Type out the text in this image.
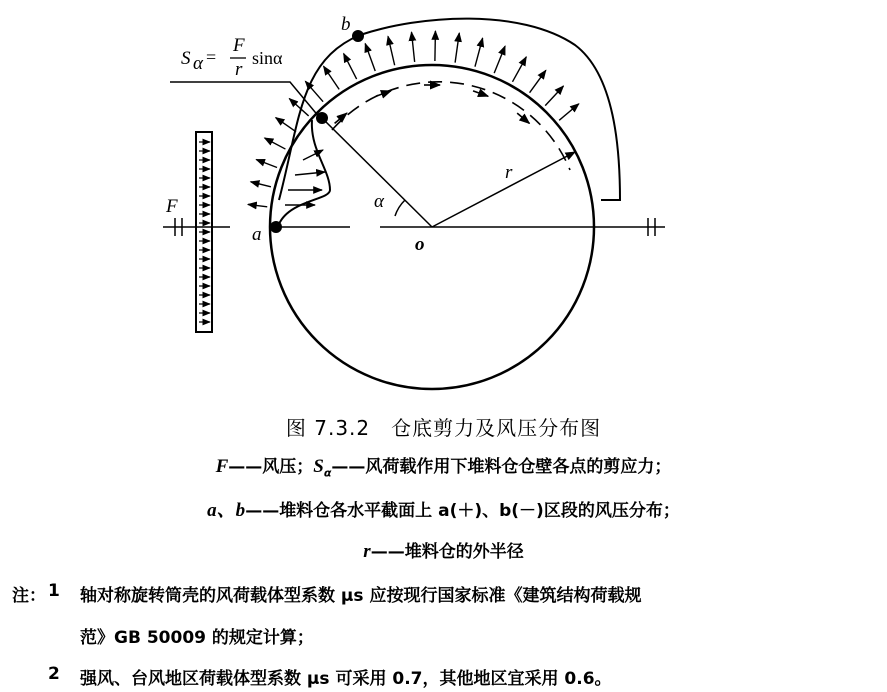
a
b
o
r
α
F
S α =
F
r
sinα
图 7.3.2　仓底剪力及风压分布图
F——风压；$S_\alpha——$风荷载作用下堆料仓仓壁各点的剪应力；
a、b——堆料仓各水平截面上 a(＋)、b(－)区段的风压分布；
r——堆料仓的外半径
注： 1 轴对称旋转筒壳的风荷载体型系数 μs 应按现行国家标准《建筑结构荷载规
范》GB 50009 的规定计算；
2 强风、台风地区荷载体型系数 μs 可采用 0.7，其他地区宜采用 0.6。
